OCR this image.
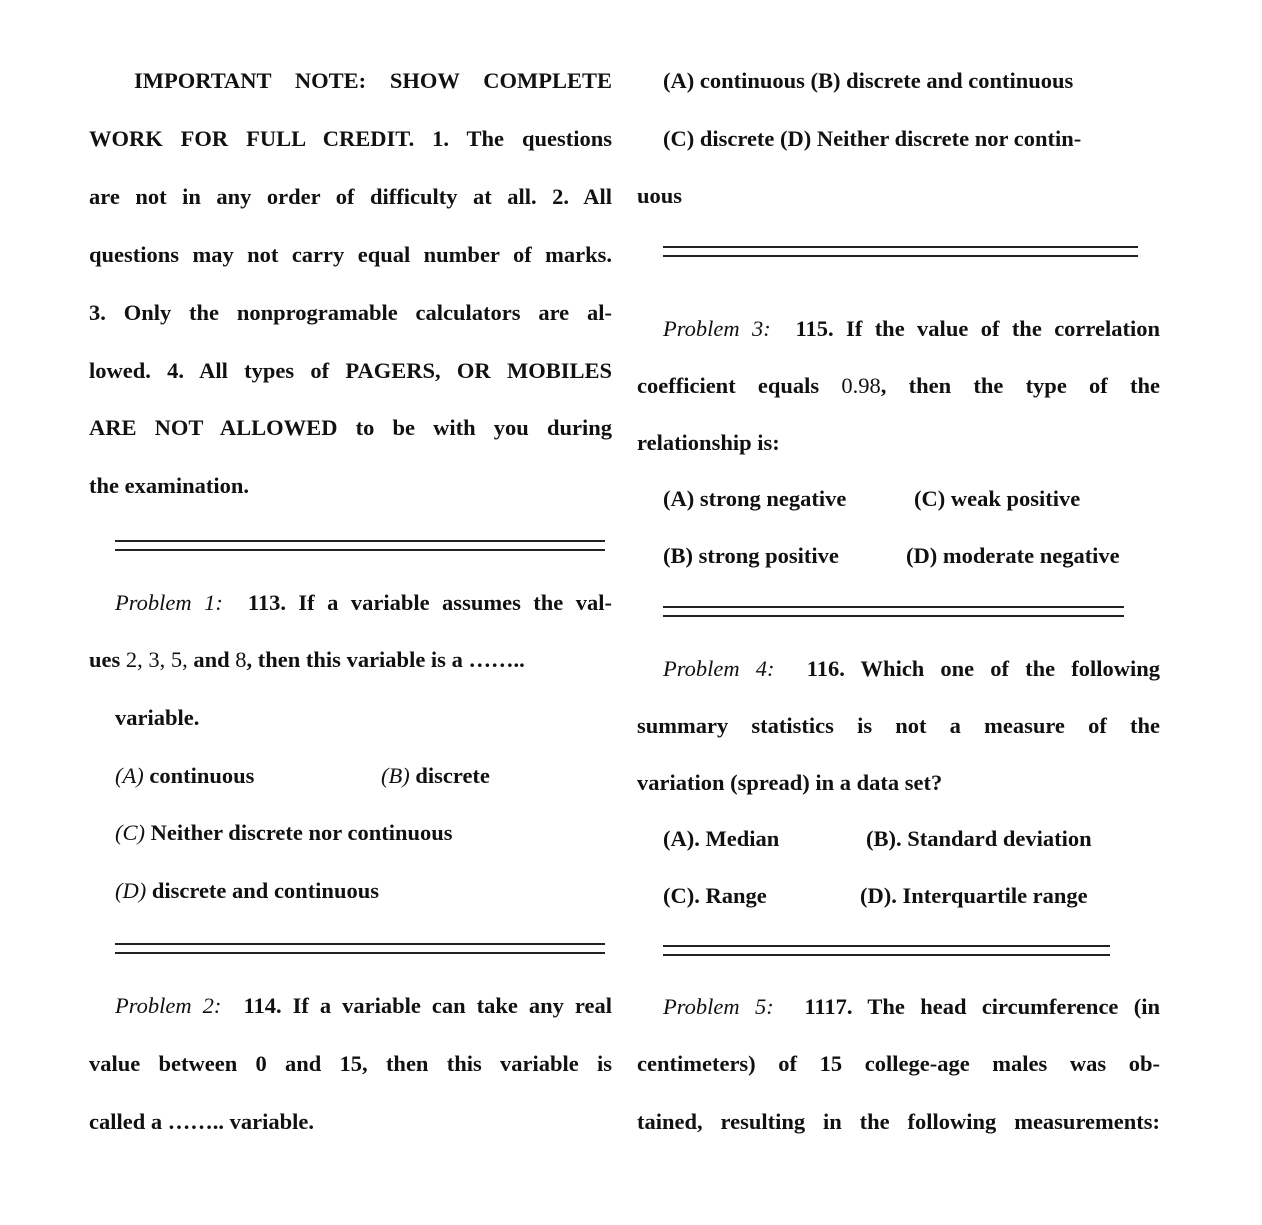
IMPORTANT NOTE: SHOW COMPLETE
WORK FOR FULL CREDIT. 1. The questions
are not in any order of difficulty at all. 2. All
questions may not carry equal number of marks.
3. Only the nonprogramable calculators are al-
lowed. 4. All types of PAGERS, OR MOBILES
ARE NOT ALLOWED to be with you during
the examination.
Problem 1: 113. If a variable assumes the val-
ues 2, 3, 5, and 8, then this variable is a ……..
variable.
(A) continuous	(B) discrete
(C) Neither discrete nor continuous
(D) discrete and continuous
Problem 2: 114. If a variable can take any real
value between 0 and 15, then this variable is
called a …….. variable.
(A) continuous (B) discrete and continuous
(C) discrete (D) Neither discrete nor contin-
uous
Problem 3: 115. If the value of the correlation
coefficient equals 0.98, then the type of the
relationship is:
(A) strong negative	(C) weak positive
(B) strong positive	(D) moderate negative
Problem 4: 116. Which one of the following
summary statistics is not a measure of the
variation (spread) in a data set?
(A). Median	(B). Standard deviation
(C). Range	(D). Interquartile range
Problem 5: 1117. The head circumference (in
centimeters) of 15 college-age males was ob-
tained, resulting in the following measurements:
